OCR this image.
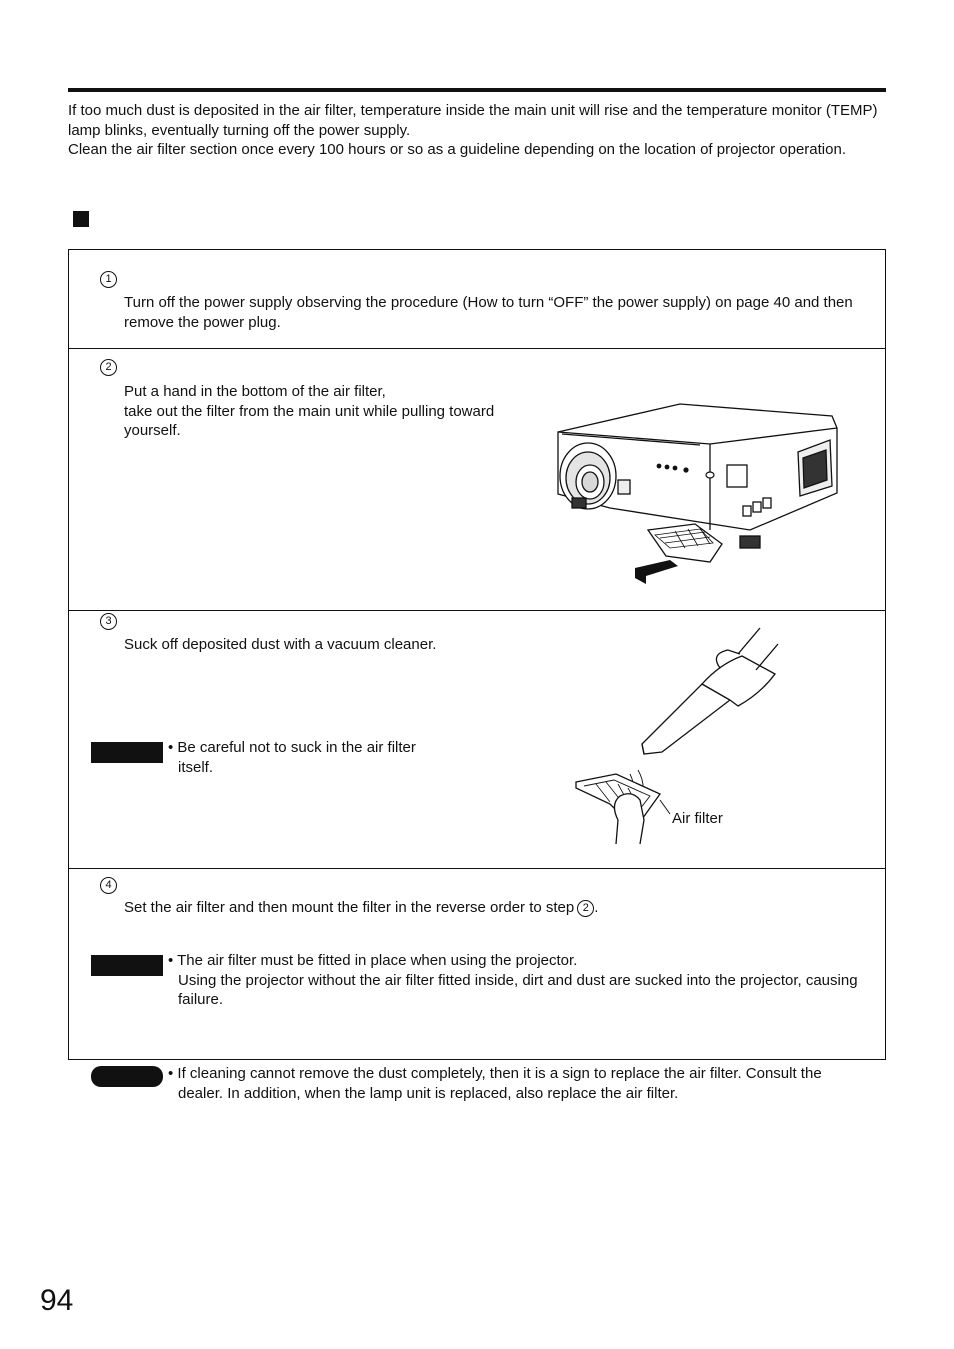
If too much dust is deposited in the air filter, temperature inside the main unit will rise and the temperature monitor (TEMP) lamp blinks, eventually turning off the power supply.

Clean the air filter section once every 100 hours or so as a guideline depending on the location of projector operation.

1
Turn off the power supply observing the procedure (How to turn “OFF” the power supply) on page 40 and then remove the power plug.
2

Put a hand in the bottom of the air filter,

take out the filter from the main unit while pulling toward yourself.

3
Suck off deposited dust with a vacuum cleaner.

• Be careful not to suck in the air filter

itself.

Air filter
4
Set the air filter and then mount the filter in the reverse order to step 2 .

• The air filter must be fitted in place when using the projector.

Using the projector without the air filter fitted inside, dirt and dust are sucked into the projector, causing failure.

• If cleaning cannot remove the dust completely, then it is a sign to replace the air filter. Consult the

dealer. In addition, when the lamp unit is replaced, also replace the air filter.

94
